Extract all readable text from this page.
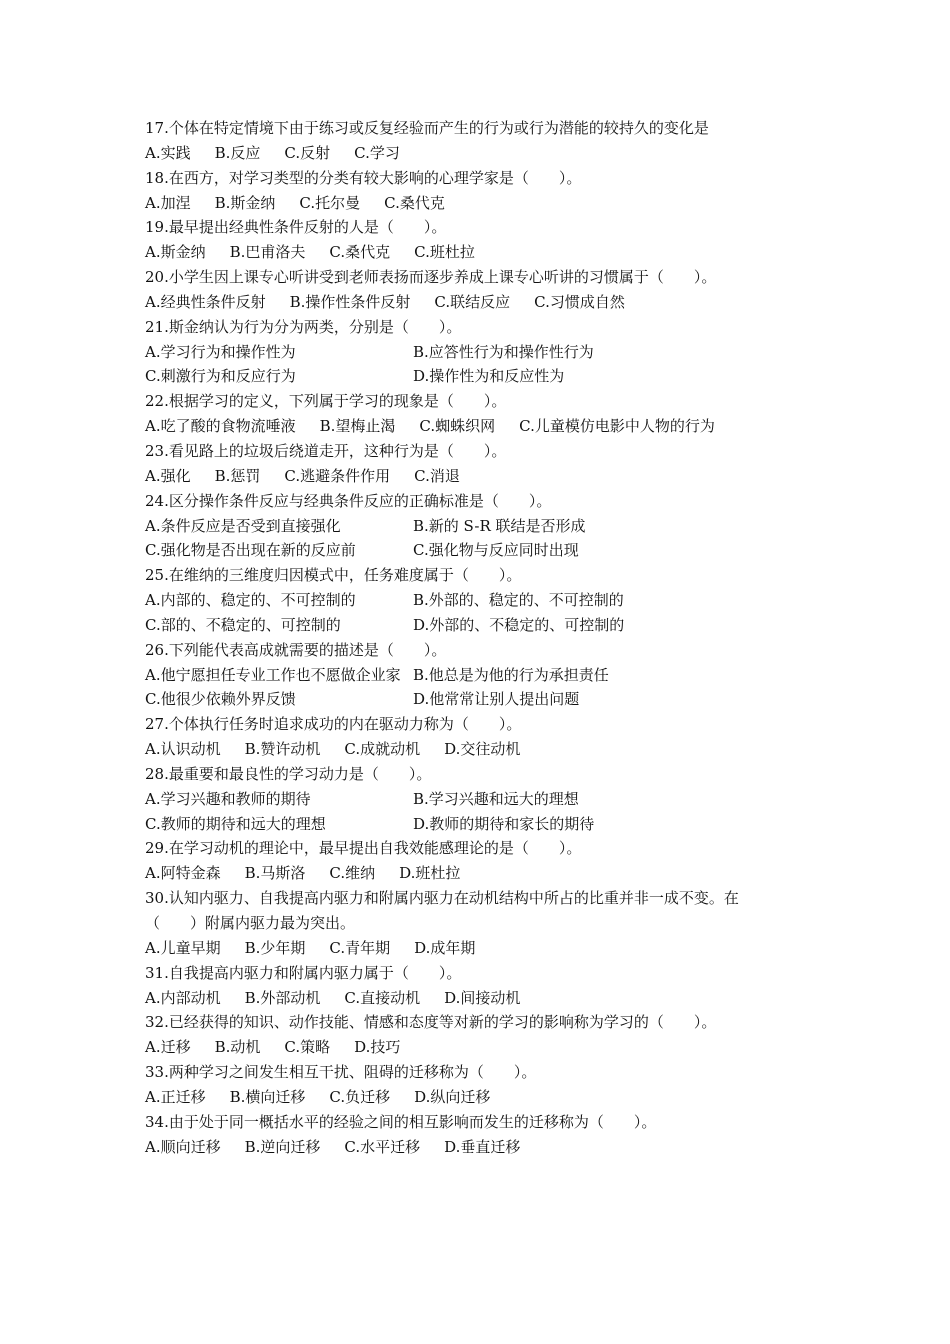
17.个体在特定情境下由于练习或反复经验而产生的行为或行为潜能的较持久的变化是
A.实践 B.反应 C.反射 C.学习
18.在西方，对学习类型的分类有较大影响的心理学家是（　　）。
A.加涅 B.斯金纳 C.托尔曼 C.桑代克
19.最早提出经典性条件反射的人是（　　）。
A.斯金纳 B.巴甫洛夫 C.桑代克 C.班杜拉
20.小学生因上课专心听讲受到老师表扬而逐步养成上课专心听讲的习惯属于（　　）。
A.经典性条件反射 B.操作性条件反射 C.联结反应 C.习惯成自然
21.斯金纳认为行为分为两类，分别是（　　）。
A.学习行为和操作性为	B.应答性行为和操作性行为
C.刺激行为和反应行为	D.操作性为和反应性为
22.根据学习的定义，下列属于学习的现象是（　　）。
A.吃了酸的食物流唾液 B.望梅止渴 C.蜘蛛织网 C.儿童模仿电影中人物的行为
23.看见路上的垃圾后绕道走开，这种行为是（　　）。
A.强化 B.惩罚 C.逃避条件作用 C.消退
24.区分操作条件反应与经典条件反应的正确标准是（　　）。
A.条件反应是否受到直接强化	B.新的 S-R 联结是否形成
C.强化物是否出现在新的反应前	C.强化物与反应同时出现
25.在维纳的三维度归因模式中，任务难度属于（　　）。
A.内部的、稳定的、不可控制的	B.外部的、稳定的、不可控制的
C.部的、不稳定的、可控制的	D.外部的、不稳定的、可控制的
26.下列能代表高成就需要的描述是（　　）。
A.他宁愿担任专业工作也不愿做企业家 B.他总是为他的行为承担责任
C.他很少依赖外界反馈	D.他常常让别人提出问题
27.个体执行任务时追求成功的内在驱动力称为（　　）。
A.认识动机 B.赞许动机 C.成就动机 D.交往动机
28.最重要和最良性的学习动力是（　　）。
A.学习兴趣和教师的期待	B.学习兴趣和远大的理想
C.教师的期待和远大的理想	D.教师的期待和家长的期待
29.在学习动机的理论中，最早提出自我效能感理论的是（　　）。
A.阿特金森 B.马斯洛 C.维纳 D.班杜拉
30.认知内驱力、自我提高内驱力和附属内驱力在动机结构中所占的比重并非一成不变。在
（　　）附属内驱力最为突出。
A.儿童早期 B.少年期 C.青年期 D.成年期
31.自我提高内驱力和附属内驱力属于（　　）。
A.内部动机 B.外部动机 C.直接动机 D.间接动机
32.已经获得的知识、动作技能、情感和态度等对新的学习的影响称为学习的（　　）。
A.迁移 B.动机 C.策略 D.技巧
33.两种学习之间发生相互干扰、阻碍的迁移称为（　　）。
A.正迁移 B.横向迁移 C.负迁移 D.纵向迁移
34.由于处于同一概括水平的经验之间的相互影响而发生的迁移称为（　　）。
A.顺向迁移 B.逆向迁移 C.水平迁移 D.垂直迁移
